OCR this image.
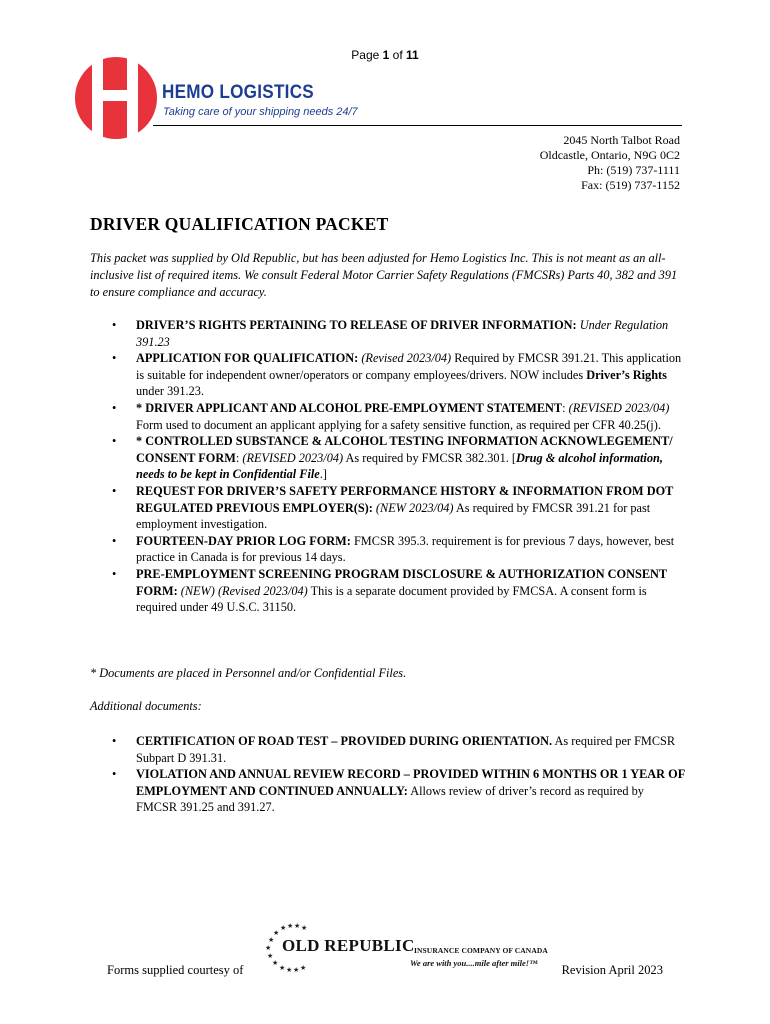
Page 1 of 11
HEMO LOGISTICS
Taking care of your shipping needs 24/7
2045 North Talbot Road
Oldcastle, Ontario, N9G 0C2
Ph: (519) 737-1111
Fax: (519) 737-1152
DRIVER QUALIFICATION PACKET
This packet was supplied by Old Republic, but has been adjusted for Hemo Logistics Inc. This is not meant as an all-inclusive list of required items. We consult Federal Motor Carrier Safety Regulations (FMCSRs) Parts 40, 382 and 391 to ensure compliance and accuracy.
• DRIVER’S RIGHTS PERTAINING TO RELEASE OF DRIVER INFORMATION: Under Regulation 391.23
• APPLICATION FOR QUALIFICATION: (Revised 2023/04) Required by FMCSR 391.21. This application is suitable for independent owner/operators or company employees/drivers. NOW includes Driver’s Rights under 391.23.
• * DRIVER APPLICANT AND ALCOHOL PRE-EMPLOYMENT STATEMENT: (REVISED 2023/04) Form used to document an applicant applying for a safety sensitive function, as required per CFR 40.25(j).
• * CONTROLLED SUBSTANCE & ALCOHOL TESTING INFORMATION ACKNOWLEGEMENT/ CONSENT FORM: (REVISED 2023/04) As required by FMCSR 382.301. [Drug & alcohol information, needs to be kept in Confidential File.]
• REQUEST FOR DRIVER’S SAFETY PERFORMANCE HISTORY & INFORMATION FROM DOT REGULATED PREVIOUS EMPLOYER(S): (NEW 2023/04) As required by FMCSR 391.21 for past employment investigation.
• FOURTEEN-DAY PRIOR LOG FORM: FMCSR 395.3. requirement is for previous 7 days, however, best practice in Canada is for previous 14 days.
• PRE-EMPLOYMENT SCREENING PROGRAM DISCLOSURE & AUTHORIZATION CONSENT FORM: (NEW) (Revised 2023/04) This is a separate document provided by FMCSA. A consent form is required under 49 U.S.C. 31150.
* Documents are placed in Personnel and/or Confidential Files.
Additional documents:
• CERTIFICATION OF ROAD TEST – PROVIDED DURING ORIENTATION. As required per FMCSR Subpart D 391.31.
• VIOLATION AND ANNUAL REVIEW RECORD – PROVIDED WITHIN 6 MONTHS OR 1 YEAR OF EMPLOYMENT AND CONTINUED ANNUALLY: Allows review of driver’s record as required by FMCSR 391.25 and 391.27.
Forms supplied courtesy of
★ ★ ★ ★
★
★
★
★
★
★ ★ ★ ★
OLD REPUBLIC INSURANCE COMPANY OF CANADA
We are with you....mile after mile!™ Revision April 2023
